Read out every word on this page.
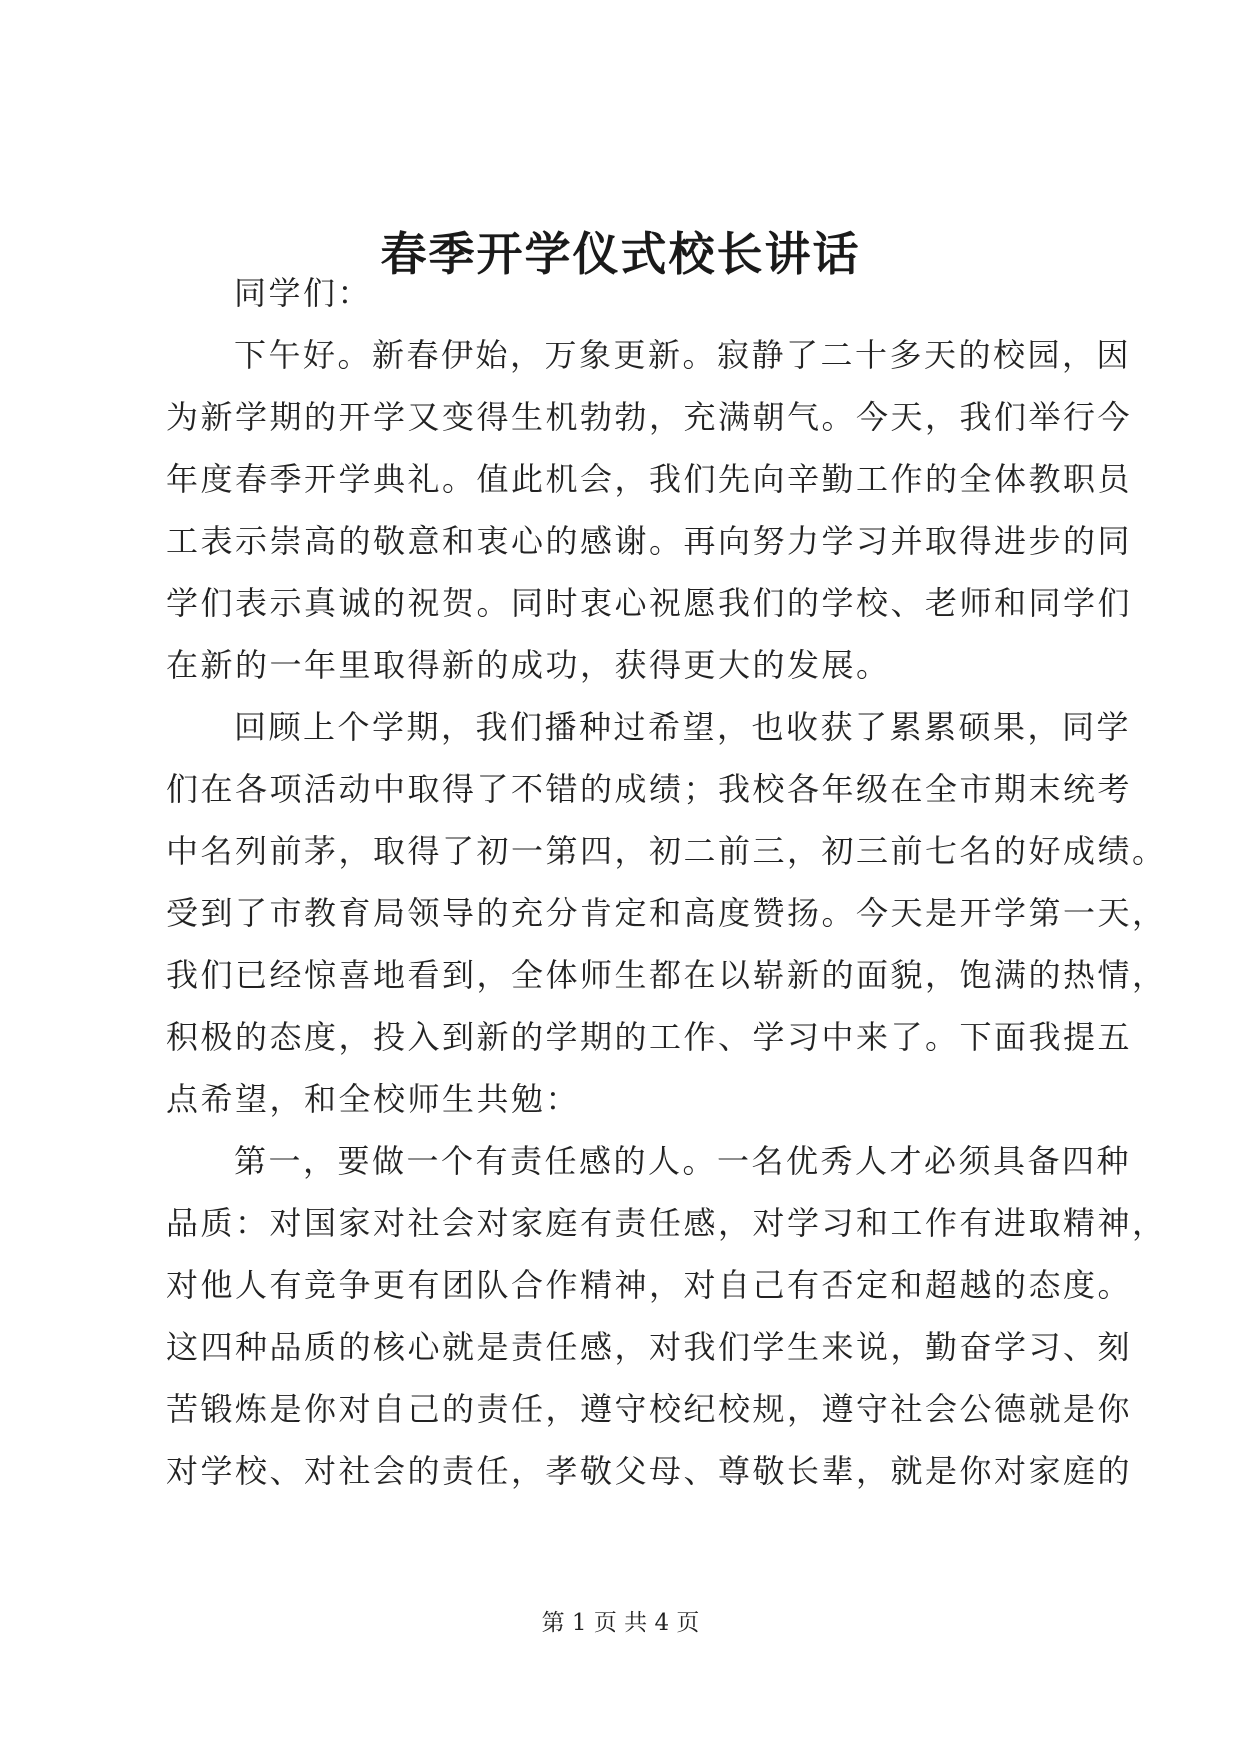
春季开学仪式校长讲话
同学们：
下午好。新春伊始，万象更新。寂静了二十多天的校园，因
为新学期的开学又变得生机勃勃，充满朝气。今天，我们举行今
年度春季开学典礼。值此机会，我们先向辛勤工作的全体教职员
工表示崇高的敬意和衷心的感谢。再向努力学习并取得进步的同
学们表示真诚的祝贺。同时衷心祝愿我们的学校、老师和同学们
在新的一年里取得新的成功，获得更大的发展。
回顾上个学期，我们播种过希望，也收获了累累硕果，同学
们在各项活动中取得了不错的成绩；我校各年级在全市期末统考
中名列前茅，取得了初一第四，初二前三，初三前七名的好成绩。
受到了市教育局领导的充分肯定和高度赞扬。今天是开学第一天，
我们已经惊喜地看到，全体师生都在以崭新的面貌，饱满的热情，
积极的态度，投入到新的学期的工作、学习中来了。下面我提五
点希望，和全校师生共勉：
第一，要做一个有责任感的人。一名优秀人才必须具备四种
品质：对国家对社会对家庭有责任感，对学习和工作有进取精神，
对他人有竞争更有团队合作精神，对自己有否定和超越的态度。
这四种品质的核心就是责任感，对我们学生来说，勤奋学习、刻
苦锻炼是你对自己的责任，遵守校纪校规，遵守社会公德就是你
对学校、对社会的责任，孝敬父母、尊敬长辈，就是你对家庭的
第 1 页 共 4 页
